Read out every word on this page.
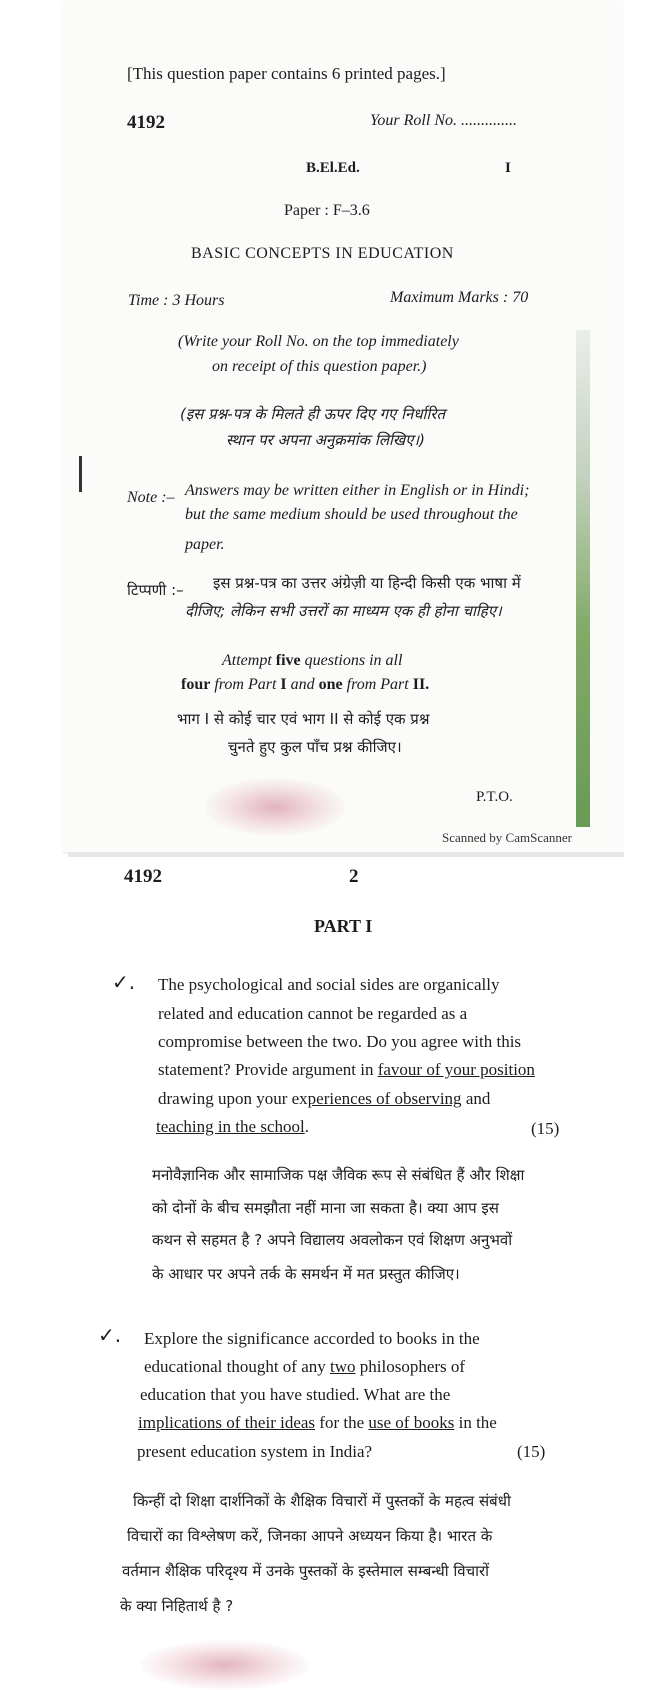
[This question paper contains 6 printed pages.]
4192	Your Roll No. ..............
B.El.Ed.	I
Paper : F–3.6
BASIC CONCEPTS IN EDUCATION
Time : 3 Hours	Maximum Marks : 70
(Write your Roll No. on the top immediately
on receipt of this question paper.)
(इस प्रश्न-पत्र के मिलते ही ऊपर दिए गए निर्धारित
स्थान पर अपना अनुक्रमांक लिखिए।)
Note :– Answers may be written either in English or in Hindi;
but the same medium should be used throughout the
paper.
टिप्पणी :– इस प्रश्न-पत्र का उत्तर अंग्रेज़ी या हिन्दी किसी एक भाषा में
दीजिए; लेकिन सभी उत्तरों का माध्यम एक ही होना चाहिए।
Attempt five questions in all
four from Part I and one from Part II.
भाग I से कोई चार एवं भाग II से कोई एक प्रश्न
चुनते हुए कुल पाँच प्रश्न कीजिए।
P.T.O.
Scanned by CamScanner
4192	2
PART I
✓. The psychological and social sides are organically
related and education cannot be regarded as a
compromise between the two. Do you agree with this
statement? Provide argument in favour of your position
drawing upon your experiences of observing and
teaching in the school.	(15)
मनोवैज्ञानिक और सामाजिक पक्ष जैविक रूप से संबंधित हैं और शिक्षा
को दोनों के बीच समझौता नहीं माना जा सकता है। क्या आप इस
कथन से सहमत है ? अपने विद्यालय अवलोकन एवं शिक्षण अनुभवों
के आधार पर अपने तर्क के समर्थन में मत प्रस्तुत कीजिए।
✓. Explore the significance accorded to books in the
educational thought of any two philosophers of
education that you have studied. What are the
implications of their ideas for the use of books in the
present education system in India?	(15)
किन्हीं दो शिक्षा दार्शनिकों के शैक्षिक विचारों में पुस्तकों के महत्व संबंधी
विचारों का विश्लेषण करें, जिनका आपने अध्ययन किया है। भारत के
वर्तमान शैक्षिक परिदृश्य में उनके पुस्तकों के इस्तेमाल सम्बन्धी विचारों
के क्या निहितार्थ है ?
